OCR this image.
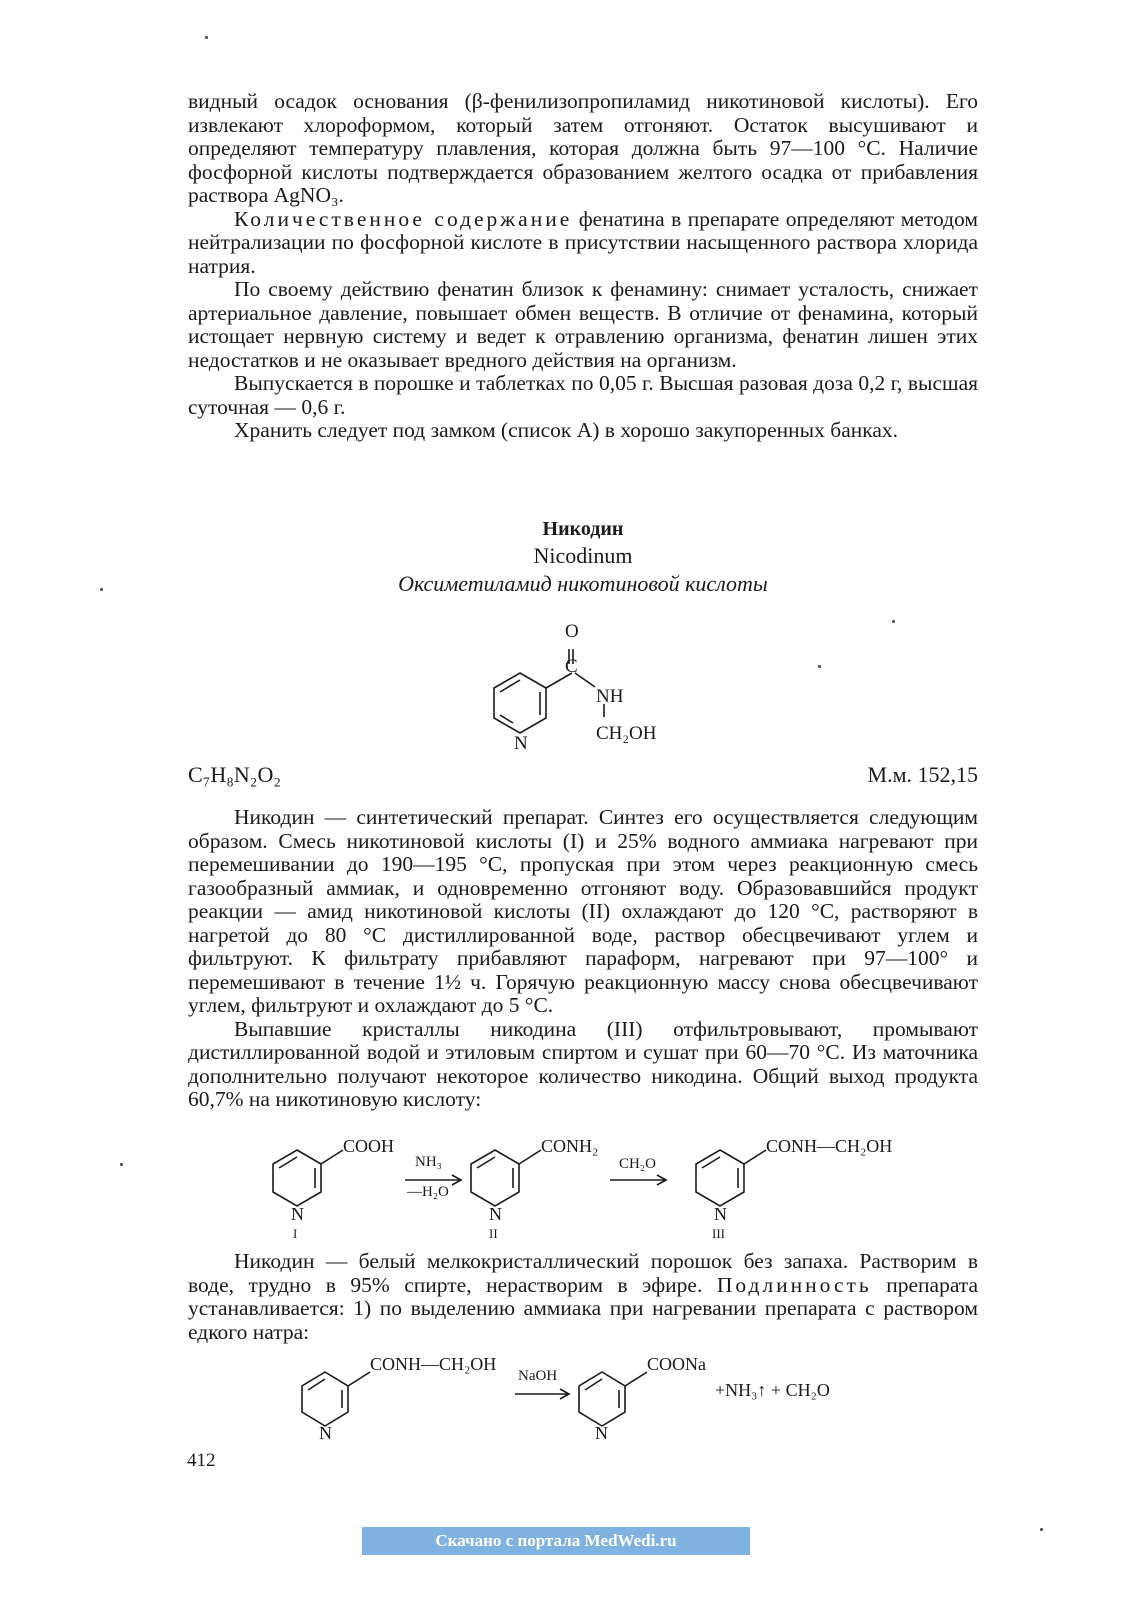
видный осадок основания (β-фенилизопропиламид никотиновой кислоты). Его извлекают хлороформом, который затем отгоняют. Остаток высушивают и определяют температуру плавления, которая должна быть 97—100 °С. Наличие фосфорной кислоты подтверждается образованием желтого осадка от прибавления раствора AgNO₃.

Количественное содержание фенатина в препарате определяют методом нейтрализации по фосфорной кислоте в присутствии насыщенного раствора хлорида натрия.

По своему действию фенатин близок к фенамину: снимает усталость, снижает артериальное давление, повышает обмен веществ. В отличие от фенамина, который истощает нервную систему и ведет к отравлению организма, фенатин лишен этих недостатков и не оказывает вредного действия на организм.

Выпускается в порошке и таблетках по 0,05 г. Высшая разовая доза 0,2 г, высшая суточная — 0,6 г.

Хранить следует под замком (список А) в хорошо закупоренных банках.

Никодин
Nicodinum
Оксиметиламид никотиновой кислоты
O
C
NH
CH₂OH
N
C₇H₈N₂O₂	М.м. 152,15

Никодин — синтетический препарат. Синтез его осуществляется следующим образом. Смесь никотиновой кислоты (I) и 25% водного аммиака нагревают при перемешивании до 190—195 °С, пропуская при этом через реакционную смесь газообразный аммиак, и одновременно отгоняют воду. Образовавшийся продукт реакции — амид никотиновой кислоты (II) охлаждают до 120 °С, растворяют в нагретой до 80 °С дистиллированной воде, раствор обесцвечивают углем и фильтруют. К фильтрату прибавляют параформ, нагревают при 97—100° и перемешивают в течение 1½ ч. Горячую реакционную массу снова обесцвечивают углем, фильтруют и охлаждают до 5 °С.

Выпавшие кристаллы никодина (III) отфильтровывают, промывают дистиллированной водой и этиловым спиртом и сушат при 60—70 °С. Из маточника дополнительно получают некоторое количество никодина. Общий выход продукта 60,7% на никотиновую кислоту:

COOH	CONH₂	CONH—CH₂OH
NH₃
—H₂O
CH₂O
N	N	N
I	II	III

Никодин — белый мелкокристаллический порошок без запаха. Растворим в воде, трудно в 95% спирте, нерастворим в эфире. Подлинность препарата устанавливается: 1) по выделению аммиака при нагревании препарата с раствором едкого натра:

CONH—CH₂OH
NaOH
COONa
+NH₃↑ + CH₂O
N	N
412
Скачано с портала MedWedi.ru
